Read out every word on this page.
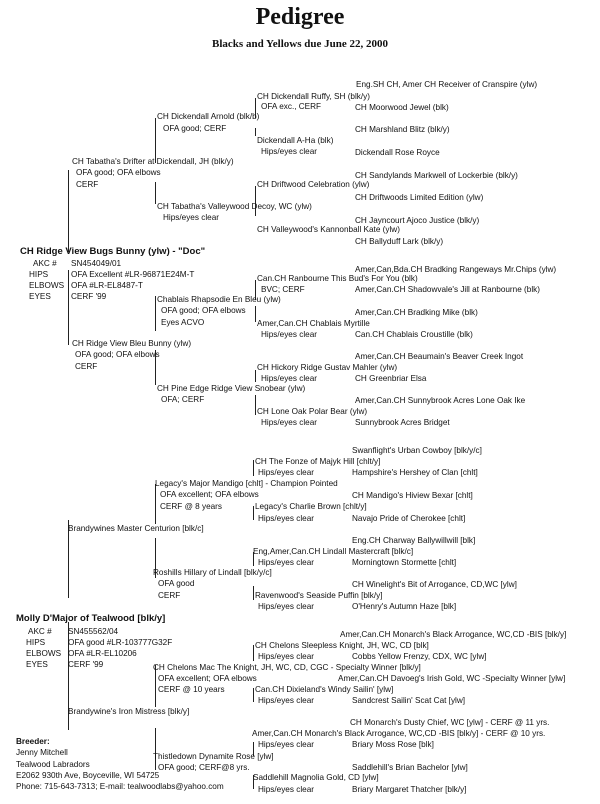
Pedigree
Blacks and Yellows due June 22, 2000
Eng.SH CH, Amer CH Receiver of Cranspire (ylw)
CH Moorwood Jewel (blk)
CH Marshland Blitz (blk/y)
Dickendall Rose Royce
CH Sandylands Markwell of Lockerbie (blk/y)
CH Driftwoods Limited Edition (ylw)
CH Jayncourt Ajoco Justice (blk/y)
CH Ballyduff Lark (blk/y)
Amer,Can,Bda.CH Bradking Rangeways Mr.Chips (ylw)
Amer,Can.CH Shadowvale's Jill at Ranbourne (blk)
Amer,Can.CH Bradking Mike (blk)
Can.CH Chablais Croustille (blk)
Amer,Can.CH Beaumain's Beaver Creek Ingot
CH Greenbriar Elsa
Amer,Can.CH Sunnybrook Acres Lone Oak Ike
Sunnybrook Acres Bridget
CH Dickendall Ruffy, SH (blk/y)
OFA exc., CERF
Dickendall A-Ha (blk)
Hips/eyes clear
CH Driftwood Celebration (ylw)
CH Valleywood's Kannonball Kate (ylw)
Can.CH Ranbourne This Bud's For You (blk)
BVC; CERF
Amer,Can.CH Chablais Myrtille
Hips/eyes clear
CH Hickory Ridge Gustav Mahler (ylw)
Hips/eyes clear
CH Lone Oak Polar Bear (ylw)
Hips/eyes clear
CH Dickendall Arnold (blk/b)
OFA good; CERF
CH Tabatha's Valleywood Decoy, WC (ylw)
Hips/eyes clear
Chablais Rhapsodie En Bleu (ylw)
OFA good; OFA elbows
Eyes ACVO
CH Pine Edge Ridge View Snobear (ylw)
OFA; CERF
CH Tabatha's Drifter at Dickendall, JH (blk/y)
OFA good; OFA elbows
CERF
CH Ridge View Bleu Bunny (ylw)
OFA good; OFA elbows
CERF
CH Ridge View Bugs Bunny (ylw) - "Doc"
AKC #
HIPS
ELBOWS
EYES
SN454049/01
OFA Excellent #LR-96871E24M-T
OFA #LR-EL8487-T
CERF '99
Swanflight's Urban Cowboy [blk/y/c]
Hampshire's Hershey of Clan [chlt]
CH Mandigo's Hiview Bexar [chlt]
Navajo Pride of Cherokee [chlt]
Eng.CH Charway Ballywillwill [blk]
Morningtown Stormette [chlt]
CH Winelight's Bit of Arrogance, CD,WC [ylw]
O'Henry's Autumn Haze [blk]
Amer,Can.CH Monarch's Black Arrogance, WC,CD -BIS [blk/y]
Cobbs Yellow Frenzy, CDX, WC [ylw]
Amer,Can.CH Davoeg's Irish Gold, WC -Specialty Winner [ylw]
Sandcrest Sailin' Scat Cat [ylw]
CH Monarch's Dusty Chief, WC [ylw] - CERF @ 11 yrs.
Briary Moss Rose [blk]
Saddlehill's Brian Bachelor [ylw]
Briary Margaret Thatcher [blk/y]
CH The Fonze of Majyk Hill [chlt/y]
Hips/eyes clear
Legacy's Charlie Brown [chlt/y]
Hips/eyes clear
Eng,Amer,Can.CH Lindall Mastercraft [blk/c]
Hips/eyes clear
Ravenwood's Seaside Puffin [blk/y]
Hips/eyes clear
CH Chelons Sleepless Knight, JH, WC, CD [blk]
Hips/eyes clear
Can.CH Dixieland's Windy Sailin' [ylw]
Hips/eyes clear
Amer,Can.CH Monarch's Black Arrogance, WC,CD -BIS [blk/y] - CERF @ 10 yrs.
Hips/eyes clear
Saddlehill Magnolia Gold, CD [ylw]
Hips/eyes clear
Legacy's Major Mandigo [chlt] - Champion Pointed
OFA excellent; OFA elbows
CERF @ 8 years
Roshills Hillary of Lindall [blk/y/c]
OFA good
CERF
CH Chelons Mac The Knight, JH, WC, CD, CGC - Specialty Winner [blk/y]
OFA excellent; OFA elbows
CERF @ 10 years
Thistledown Dynamite Rose [ylw]
OFA good; CERF@8 yrs.
Brandywines Master Centurion [blk/c]
Brandywine's Iron Mistress [blk/y]
Molly D'Major of Tealwood [blk/y]
AKC #
HIPS
ELBOWS
EYES
SN455562/04
OFA good #LR-103777G32F
OFA #LR-EL10206
CERF '99
Breeder:
Jenny Mitchell
Tealwood Labradors
E2062 930th Ave, Boyceville, WI 54725
Phone: 715-643-7313; E-mail: tealwoodlabs@yahoo.com
